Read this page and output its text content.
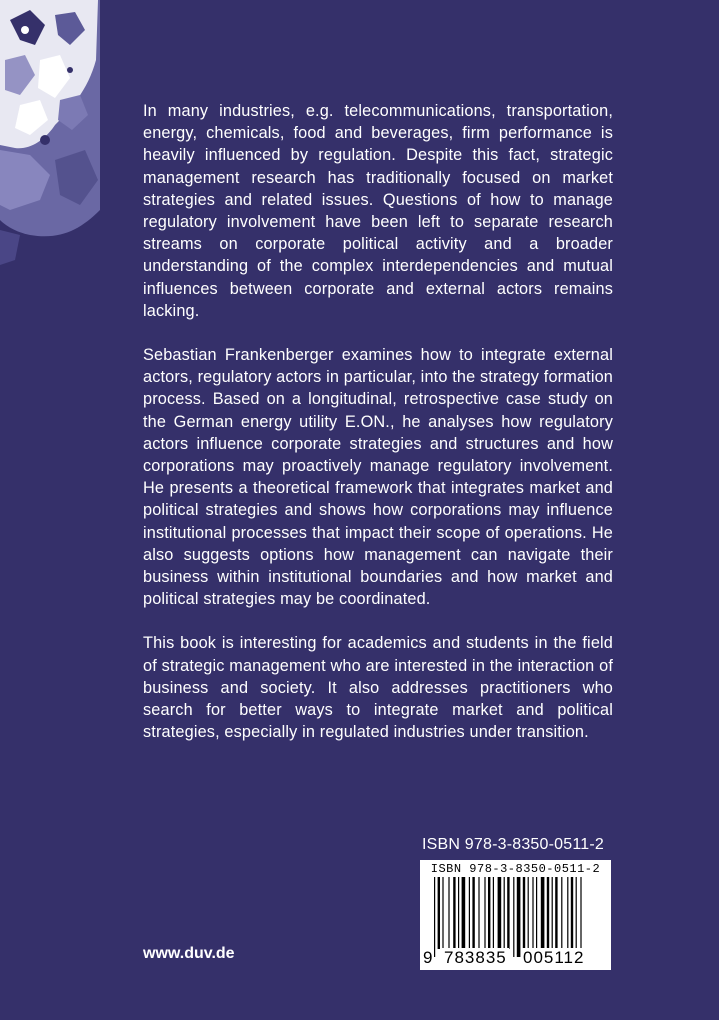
In many industries, e.g. telecommunications, transportation, energy, chemicals, food and beverages, firm performance is heavily influenced by regulation. Despite this fact, strategic management research has traditionally focused on market strategies and related issues. Questions of how to manage regulatory involvement have been left to separate research streams on corporate political activity and a broader understanding of the complex interdependencies and mutual influences between corporate and external actors remains lacking.

Sebastian Frankenberger examines how to integrate external actors, regulatory actors in particular, into the strategy formation process. Based on a longitudinal, retrospective case study on the German energy utility E.ON., he analyses how regulatory actors influence corporate strategies and structures and how corporations may proactively manage regulatory involvement. He presents a theoretical framework that integrates market and political strategies and shows how corporations may influence institutional processes that impact their scope of operations. He also suggests options how management can navigate their business within institutional boundaries and how market and political strategies may be coordinated.

This book is interesting for academics and students in the field of strategic management who are interested in the interaction of business and society. It also addresses practitioners who search for better ways to integrate market and political strategies, especially in regulated industries under transition.

ISBN 978-3-8350-0511-2
ISBN 978-3-8350-0511-2
9 783835 005112
www.duv.de
